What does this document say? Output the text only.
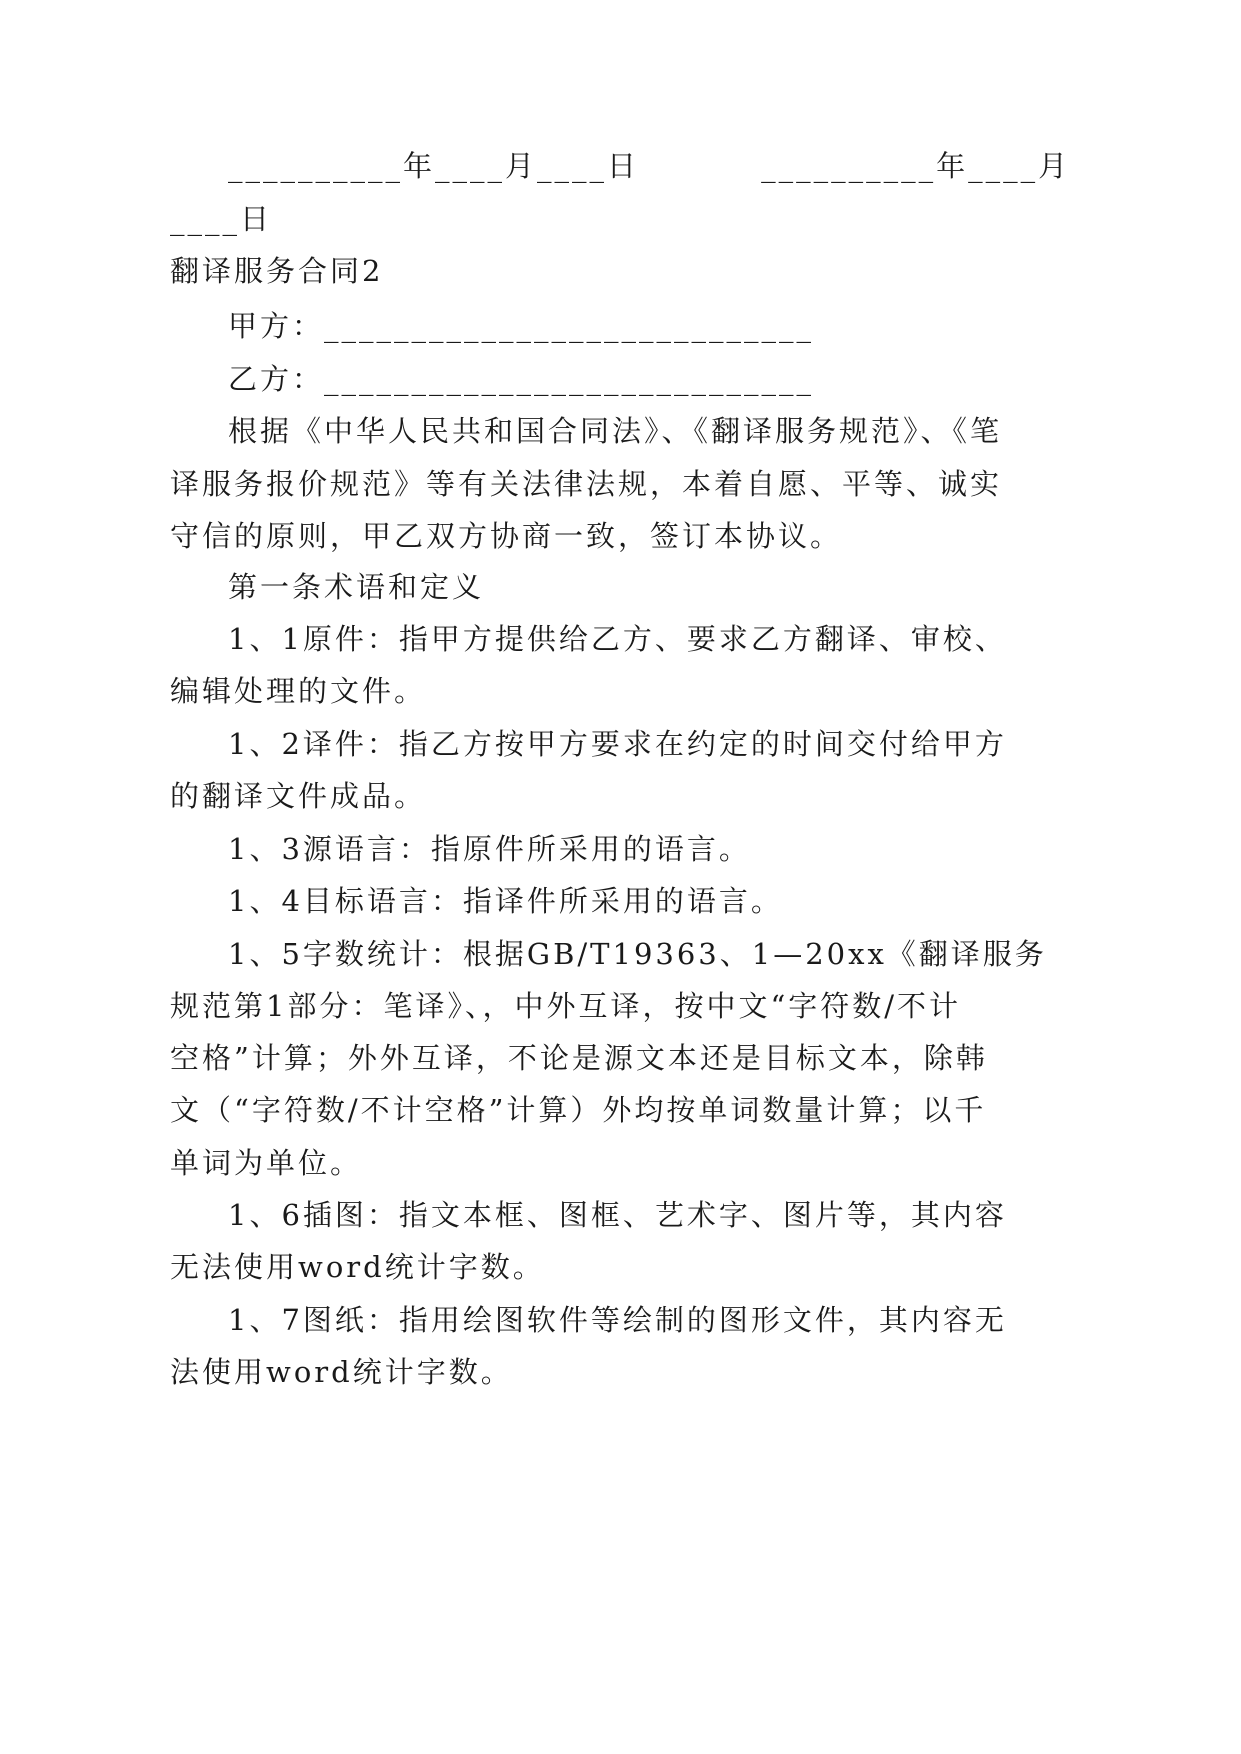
__________年____月____日          __________年____月
____日
翻译服务合同2
甲方：____________________________
乙方：____________________________
根据《中华人民共和国合同法》、《翻译服务规范》、《笔
译服务报价规范》等有关法律法规，本着自愿、平等、诚实
守信的原则，甲乙双方协商一致，签订本协议。
第一条术语和定义
1、1原件：指甲方提供给乙方、要求乙方翻译、审校、
编辑处理的文件。
1、2译件：指乙方按甲方要求在约定的时间交付给甲方
的翻译文件成品。
1、3源语言：指原件所采用的语言。
1、4目标语言：指译件所采用的语言。
1、5字数统计：根据GB/T19363、1—20xx《翻译服务
规范第1部分：笔译》、，中外互译，按中文“字符数/不计
空格”计算；外外互译，不论是源文本还是目标文本，除韩
文（“字符数/不计空格”计算）外均按单词数量计算；以千
单词为单位。
1、6插图：指文本框、图框、艺术字、图片等，其内容
无法使用word统计字数。
1、7图纸：指用绘图软件等绘制的图形文件，其内容无
法使用word统计字数。
